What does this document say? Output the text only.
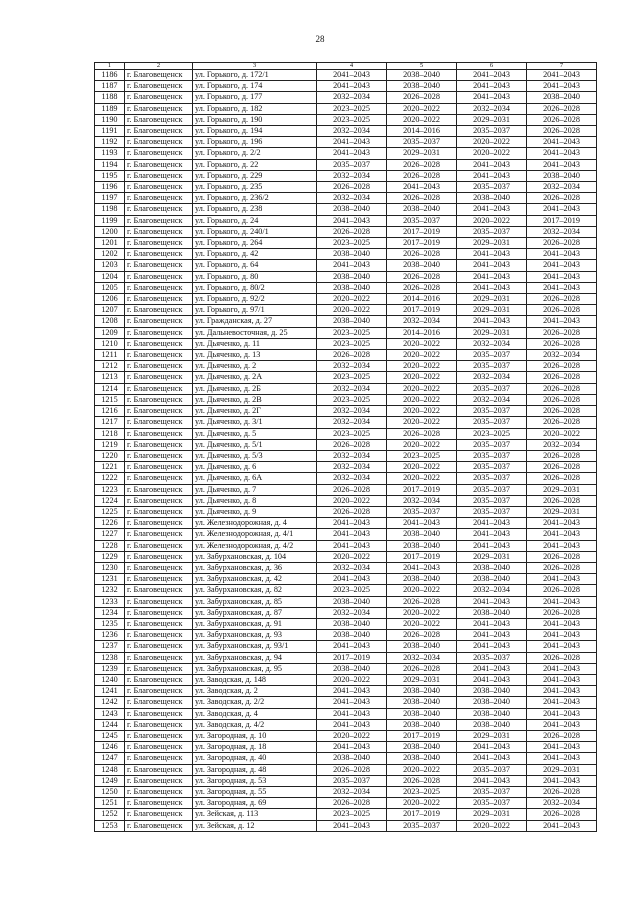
28
1	2	3	4	5	6	7
1186	г. Благовещенск	ул. Горького, д. 172/1	2041–2043	2038–2040	2041–2043	2041–2043
1187	г. Благовещенск	ул. Горького, д. 174	2041–2043	2038–2040	2041–2043	2041–2043
1188	г. Благовещенск	ул. Горького, д. 177	2032–2034	2026–2028	2041–2043	2038–2040
1189	г. Благовещенск	ул. Горького, д. 182	2023–2025	2020–2022	2032–2034	2026–2028
1190	г. Благовещенск	ул. Горького, д. 190	2023–2025	2020–2022	2029–2031	2026–2028
1191	г. Благовещенск	ул. Горького, д. 194	2032–2034	2014–2016	2035–2037	2026–2028
1192	г. Благовещенск	ул. Горького, д. 196	2041–2043	2035–2037	2020–2022	2041–2043
1193	г. Благовещенск	ул. Горького, д. 2/2	2041–2043	2029–2031	2020–2022	2041–2043
1194	г. Благовещенск	ул. Горького, д. 22	2035–2037	2026–2028	2041–2043	2041–2043
1195	г. Благовещенск	ул. Горького, д. 229	2032–2034	2026–2028	2041–2043	2038–2040
1196	г. Благовещенск	ул. Горького, д. 235	2026–2028	2041–2043	2035–2037	2032–2034
1197	г. Благовещенск	ул. Горького, д. 236/2	2032–2034	2026–2028	2038–2040	2026–2028
1198	г. Благовещенск	ул. Горького, д. 238	2038–2040	2038–2040	2041–2043	2041–2043
1199	г. Благовещенск	ул. Горького, д. 24	2041–2043	2035–2037	2020–2022	2017–2019
1200	г. Благовещенск	ул. Горького, д. 240/1	2026–2028	2017–2019	2035–2037	2032–2034
1201	г. Благовещенск	ул. Горького, д. 264	2023–2025	2017–2019	2029–2031	2026–2028
1202	г. Благовещенск	ул. Горького, д. 42	2038–2040	2026–2028	2041–2043	2041–2043
1203	г. Благовещенск	ул. Горького, д. 64	2041–2043	2038–2040	2041–2043	2041–2043
1204	г. Благовещенск	ул. Горького, д. 80	2038–2040	2026–2028	2041–2043	2041–2043
1205	г. Благовещенск	ул. Горького, д. 80/2	2038–2040	2026–2028	2041–2043	2041–2043
1206	г. Благовещенск	ул. Горького, д. 92/2	2020–2022	2014–2016	2029–2031	2026–2028
1207	г. Благовещенск	ул. Горького, д. 97/1	2020–2022	2017–2019	2029–2031	2026–2028
1208	г. Благовещенск	ул. Гражданская, д. 27	2038–2040	2032–2034	2041–2043	2041–2043
1209	г. Благовещенск	ул. Дальневосточная, д. 25	2023–2025	2014–2016	2029–2031	2026–2028
1210	г. Благовещенск	ул. Дьяченко, д. 11	2023–2025	2020–2022	2032–2034	2026–2028
1211	г. Благовещенск	ул. Дьяченко, д. 13	2026–2028	2020–2022	2035–2037	2032–2034
1212	г. Благовещенск	ул. Дьяченко, д. 2	2032–2034	2020–2022	2035–2037	2026–2028
1213	г. Благовещенск	ул. Дьяченко, д. 2А	2023–2025	2020–2022	2032–2034	2026–2028
1214	г. Благовещенск	ул. Дьяченко, д. 2Б	2032–2034	2020–2022	2035–2037	2026–2028
1215	г. Благовещенск	ул. Дьяченко, д. 2В	2023–2025	2020–2022	2032–2034	2026–2028
1216	г. Благовещенск	ул. Дьяченко, д. 2Г	2032–2034	2020–2022	2035–2037	2026–2028
1217	г. Благовещенск	ул. Дьяченко, д. 3/1	2032–2034	2020–2022	2035–2037	2026–2028
1218	г. Благовещенск	ул. Дьяченко, д. 5	2023–2025	2026–2028	2023–2025	2020–2022
1219	г. Благовещенск	ул. Дьяченко, д. 5/1	2026–2028	2020–2022	2035–2037	2032–2034
1220	г. Благовещенск	ул. Дьяченко, д. 5/3	2032–2034	2023–2025	2035–2037	2026–2028
1221	г. Благовещенск	ул. Дьяченко, д. 6	2032–2034	2020–2022	2035–2037	2026–2028
1222	г. Благовещенск	ул. Дьяченко, д. 6А	2032–2034	2020–2022	2035–2037	2026–2028
1223	г. Благовещенск	ул. Дьяченко, д. 7	2026–2028	2017–2019	2035–2037	2029–2031
1224	г. Благовещенск	ул. Дьяченко, д. 8	2020–2022	2032–2034	2035–2037	2026–2028
1225	г. Благовещенск	ул. Дьяченко, д. 9	2026–2028	2035–2037	2035–2037	2029–2031
1226	г. Благовещенск	ул. Железнодорожная, д. 4	2041–2043	2041–2043	2041–2043	2041–2043
1227	г. Благовещенск	ул. Железнодорожная, д. 4/1	2041–2043	2038–2040	2041–2043	2041–2043
1228	г. Благовещенск	ул. Железнодорожная, д. 4/2	2041–2043	2038–2040	2041–2043	2041–2043
1229	г. Благовещенск	ул. Забурхановская, д. 104	2020–2022	2017–2019	2029–2031	2026–2028
1230	г. Благовещенск	ул. Забурхановская, д. 36	2032–2034	2041–2043	2038–2040	2026–2028
1231	г. Благовещенск	ул. Забурхановская, д. 42	2041–2043	2038–2040	2038–2040	2041–2043
1232	г. Благовещенск	ул. Забурхановская, д. 82	2023–2025	2020–2022	2032–2034	2026–2028
1233	г. Благовещенск	ул. Забурхановская, д. 85	2038–2040	2026–2028	2041–2043	2041–2043
1234	г. Благовещенск	ул. Забурхановская, д. 87	2032–2034	2020–2022	2038–2040	2026–2028
1235	г. Благовещенск	ул. Забурхановская, д. 91	2038–2040	2020–2022	2041–2043	2041–2043
1236	г. Благовещенск	ул. Забурхановская, д. 93	2038–2040	2026–2028	2041–2043	2041–2043
1237	г. Благовещенск	ул. Забурхановская, д. 93/1	2041–2043	2038–2040	2041–2043	2041–2043
1238	г. Благовещенск	ул. Забурхановская, д. 94	2017–2019	2032–2034	2035–2037	2026–2028
1239	г. Благовещенск	ул. Забурхановская, д. 95	2038–2040	2026–2028	2041–2043	2041–2043
1240	г. Благовещенск	ул. Заводская, д. 148	2020–2022	2029–2031	2041–2043	2041–2043
1241	г. Благовещенск	ул. Заводская, д. 2	2041–2043	2038–2040	2038–2040	2041–2043
1242	г. Благовещенск	ул. Заводская, д. 2/2	2041–2043	2038–2040	2038–2040	2041–2043
1243	г. Благовещенск	ул. Заводская, д. 4	2041–2043	2038–2040	2038–2040	2041–2043
1244	г. Благовещенск	ул. Заводская, д. 4/2	2041–2043	2038–2040	2038–2040	2041–2043
1245	г. Благовещенск	ул. Загородная, д. 10	2020–2022	2017–2019	2029–2031	2026–2028
1246	г. Благовещенск	ул. Загородная, д. 18	2041–2043	2038–2040	2041–2043	2041–2043
1247	г. Благовещенск	ул. Загородная, д. 40	2038–2040	2038–2040	2041–2043	2041–2043
1248	г. Благовещенск	ул. Загородная, д. 48	2026–2028	2020–2022	2035–2037	2029–2031
1249	г. Благовещенск	ул. Загородная, д. 53	2035–2037	2026–2028	2041–2043	2041–2043
1250	г. Благовещенск	ул. Загородная, д. 55	2032–2034	2023–2025	2035–2037	2026–2028
1251	г. Благовещенск	ул. Загородная, д. 69	2026–2028	2020–2022	2035–2037	2032–2034
1252	г. Благовещенск	ул. Зейская, д. 113	2023–2025	2017–2019	2029–2031	2026–2028
1253	г. Благовещенск	ул. Зейская, д. 12	2041–2043	2035–2037	2020–2022	2041–2043
